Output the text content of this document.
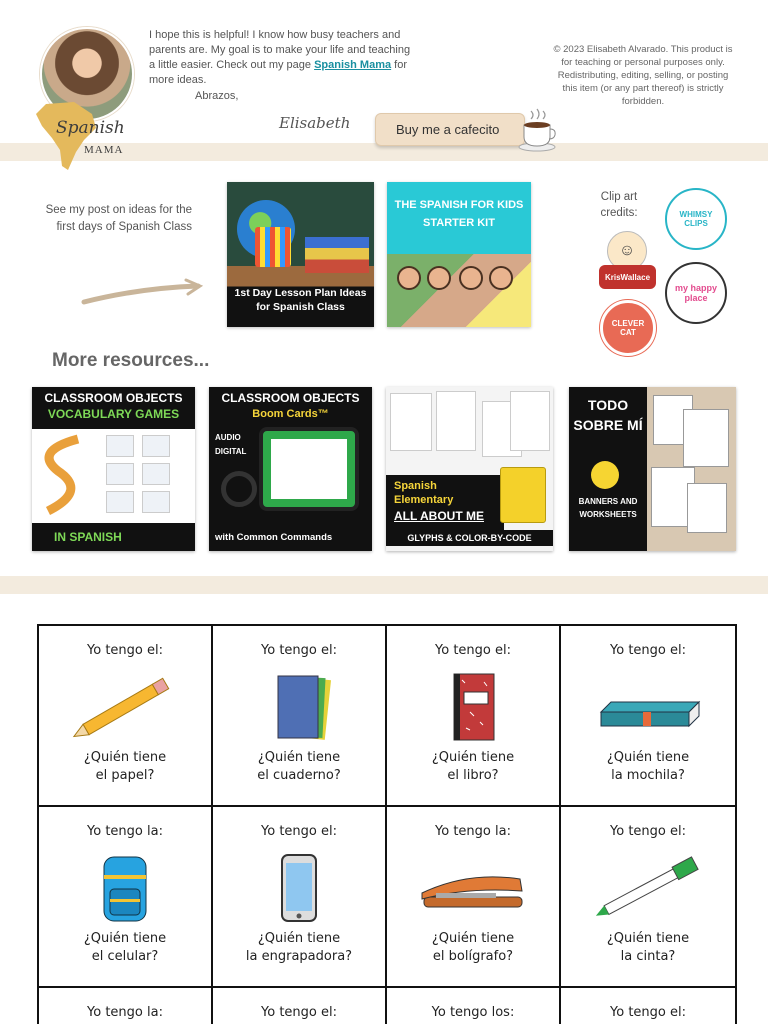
Spanish
MAMA
I hope this is helpful! I know how busy teachers and parents are. My goal is to make your life and teaching a little easier. Check out my page Spanish Mama for more ideas.
Abrazos,
Elisabeth	Buy me a cafecito
© 2023 Elisabeth Alvarado. This product is for teaching or personal purposes only. Redistributing, editing, selling, or posting this item (or any part thereof) is strictly forbidden.
See my post on ideas for the first days of Spanish Class
1st Day Lesson Plan Ideas for Spanish Class
THE SPANISH FOR KIDS STARTER KIT
Clip art credits:	WHIMSY CLIPS
☺
KrisWallace
my happy place
CLEVER CAT
More resources...
CLASSROOM OBJECTS
VOCABULARY GAMES
IN SPANISH
CLASSROOM OBJECTS
Boom Cards™
AUDIO
DIGITAL
with Common Commands
Spanish Elementary
ALL ABOUT ME
GLYPHS & COLOR-BY-CODE
TODO SOBRE MÍ
BANNERS AND WORKSHEETS
Yo tengo el:
¿Quién tiene
el papel?
Yo tengo el:
¿Quién tiene
el cuaderno?
Yo tengo el:
¿Quién tiene
el libro?
Yo tengo el:
¿Quién tiene
la mochila?
Yo tengo la:
¿Quién tiene
el celular?
Yo tengo el:
¿Quién tiene
la engrapadora?
Yo tengo la:
¿Quién tiene
el bolígrafo?
Yo tengo el:
¿Quién tiene
la cinta?
Yo tengo la:	Yo tengo el:	Yo tengo los:	Yo tengo el:
